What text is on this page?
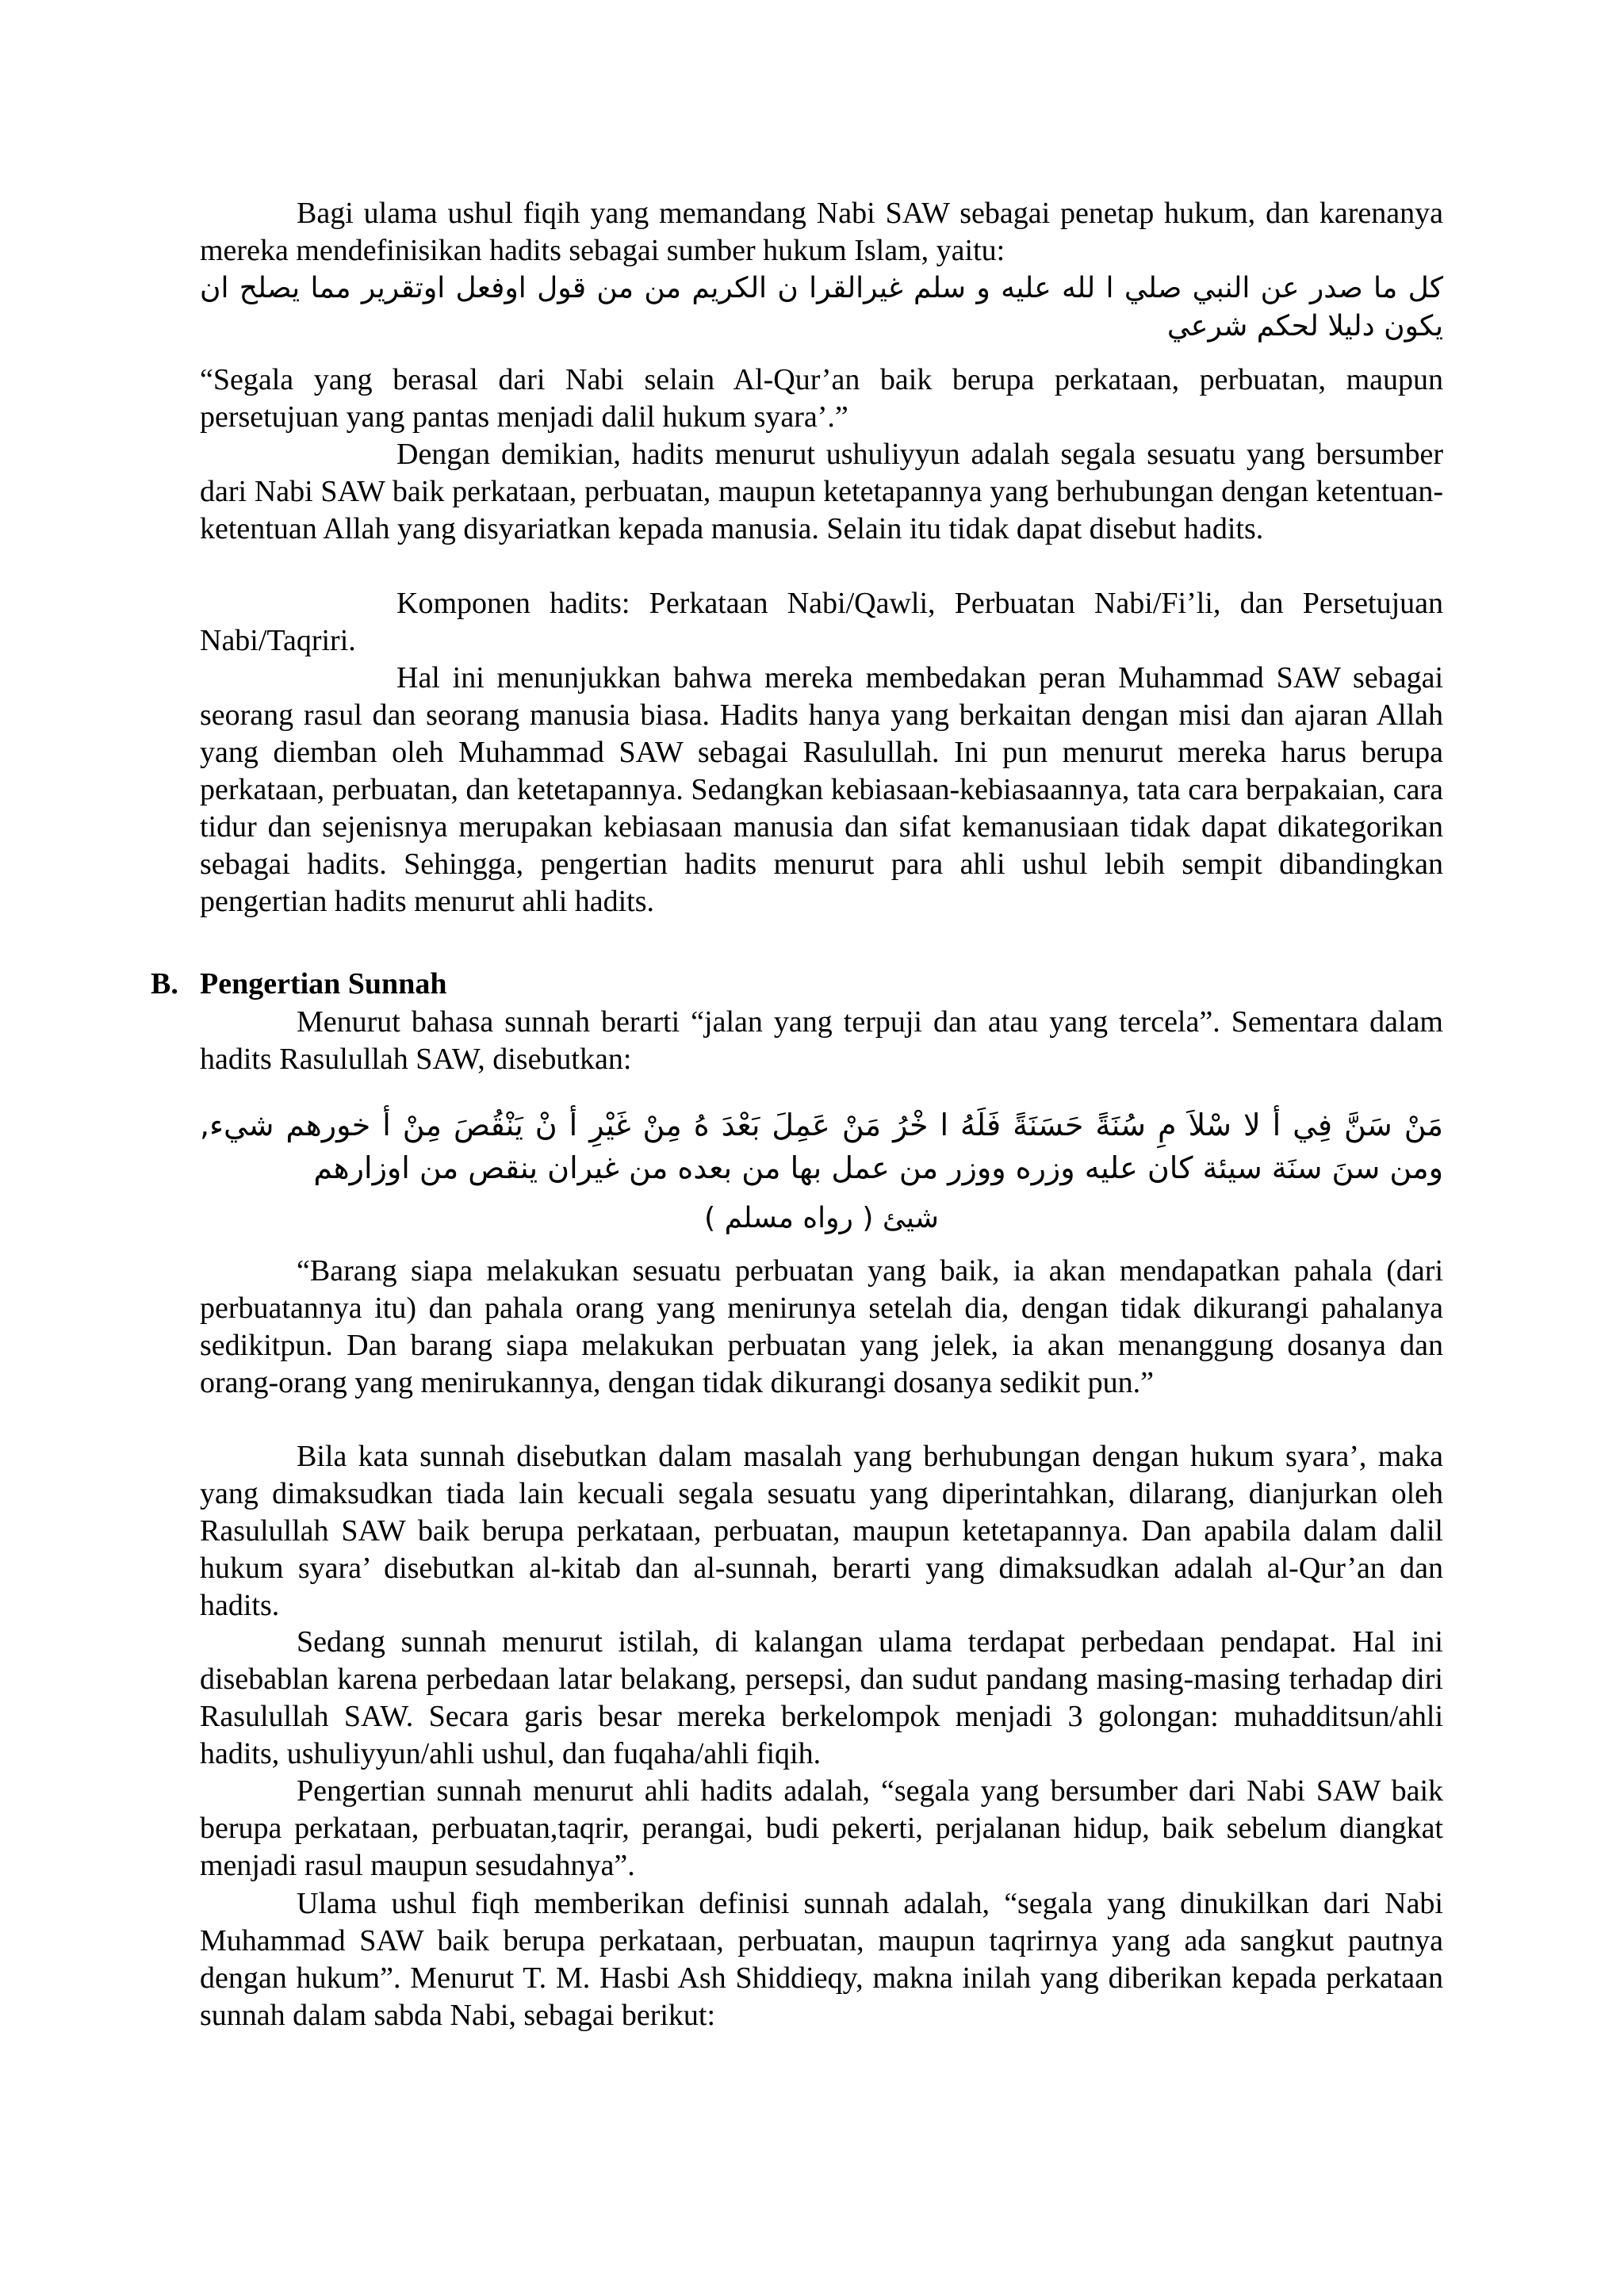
Bagi ulama ushul fiqih yang memandang Nabi SAW sebagai penetap hukum, dan karenanya mereka mendefinisikan hadits sebagai sumber hukum Islam, yaitu:

كل ما صدر عن النبي صلي ا لله عليه و سلم غيرالقرا ن الكريم من من قول اوفعل اوتقرير مما يصلح ان يكون دليلا لحكم شرعي

“Segala yang berasal dari Nabi selain Al-Qur’an baik berupa perkataan, perbuatan, maupun persetujuan yang pantas menjadi dalil hukum syara’.”

Dengan demikian, hadits menurut ushuliyyun adalah segala sesuatu yang bersumber dari Nabi SAW baik perkataan, perbuatan, maupun ketetapannya yang berhubungan dengan ketentuan-ketentuan Allah yang disyariatkan kepada manusia. Selain itu tidak dapat disebut hadits.

Komponen hadits: Perkataan Nabi/Qawli, Perbuatan Nabi/Fi’li, dan Persetujuan Nabi/Taqriri.

Hal ini menunjukkan bahwa mereka membedakan peran Muhammad SAW sebagai seorang rasul dan seorang manusia biasa. Hadits hanya yang berkaitan dengan misi dan ajaran Allah yang diemban oleh Muhammad SAW sebagai Rasulullah. Ini pun menurut mereka harus berupa perkataan, perbuatan, dan ketetapannya. Sedangkan kebiasaan-kebiasaannya, tata cara berpakaian, cara tidur dan sejenisnya merupakan kebiasaan manusia dan sifat kemanusiaan tidak dapat dikategorikan sebagai hadits. Sehingga, pengertian hadits menurut para ahli ushul lebih sempit dibandingkan pengertian hadits menurut ahli hadits.

B. Pengertian Sunnah

Menurut bahasa sunnah berarti “jalan yang terpuji dan atau yang tercela”. Sementara dalam hadits Rasulullah SAW, disebutkan:

مَنْ سَنَّ فِي أ لا سْلاَ مِ سُنَةً حَسَنَةً فَلَهُ ا خْرُ مَنْ عَمِلَ بَعْدَ هُ مِنْ غَيْرِ أ نْ يَنْقُصَ مِنْ أ خورهم شيء, ومن سنَ سنَة سيئة كان عليه وزره ووزر من عمل بها من بعده من غيران ينقص من اوزارهم

شيئ ( رواه مسلم )

“Barang siapa melakukan sesuatu perbuatan yang baik, ia akan mendapatkan pahala (dari perbuatannya itu) dan pahala orang yang menirunya setelah dia, dengan tidak dikurangi pahalanya sedikitpun. Dan barang siapa melakukan perbuatan yang jelek, ia akan menanggung dosanya dan orang-orang yang menirukannya, dengan tidak dikurangi dosanya sedikit pun.”

Bila kata sunnah disebutkan dalam masalah yang berhubungan dengan hukum syara’, maka yang dimaksudkan tiada lain kecuali segala sesuatu yang diperintahkan, dilarang, dianjurkan oleh Rasulullah SAW baik berupa perkataan, perbuatan, maupun ketetapannya. Dan apabila dalam dalil hukum syara’ disebutkan al-kitab dan al-sunnah, berarti yang dimaksudkan adalah al-Qur’an dan hadits.

Sedang sunnah menurut istilah, di kalangan ulama terdapat perbedaan pendapat. Hal ini disebablan karena perbedaan latar belakang, persepsi, dan sudut pandang masing-masing terhadap diri Rasulullah SAW. Secara garis besar mereka berkelompok menjadi 3 golongan: muhadditsun/ahli hadits, ushuliyyun/ahli ushul, dan fuqaha/ahli fiqih.

Pengertian sunnah menurut ahli hadits adalah, “segala yang bersumber dari Nabi SAW baik berupa perkataan, perbuatan,taqrir, perangai, budi pekerti, perjalanan hidup, baik sebelum diangkat menjadi rasul maupun sesudahnya”.

Ulama ushul fiqh memberikan definisi sunnah adalah, “segala yang dinukilkan dari Nabi Muhammad SAW baik berupa perkataan, perbuatan, maupun taqrirnya yang ada sangkut pautnya dengan hukum”. Menurut T. M. Hasbi Ash Shiddieqy, makna inilah yang diberikan kepada perkataan sunnah dalam sabda Nabi, sebagai berikut:
